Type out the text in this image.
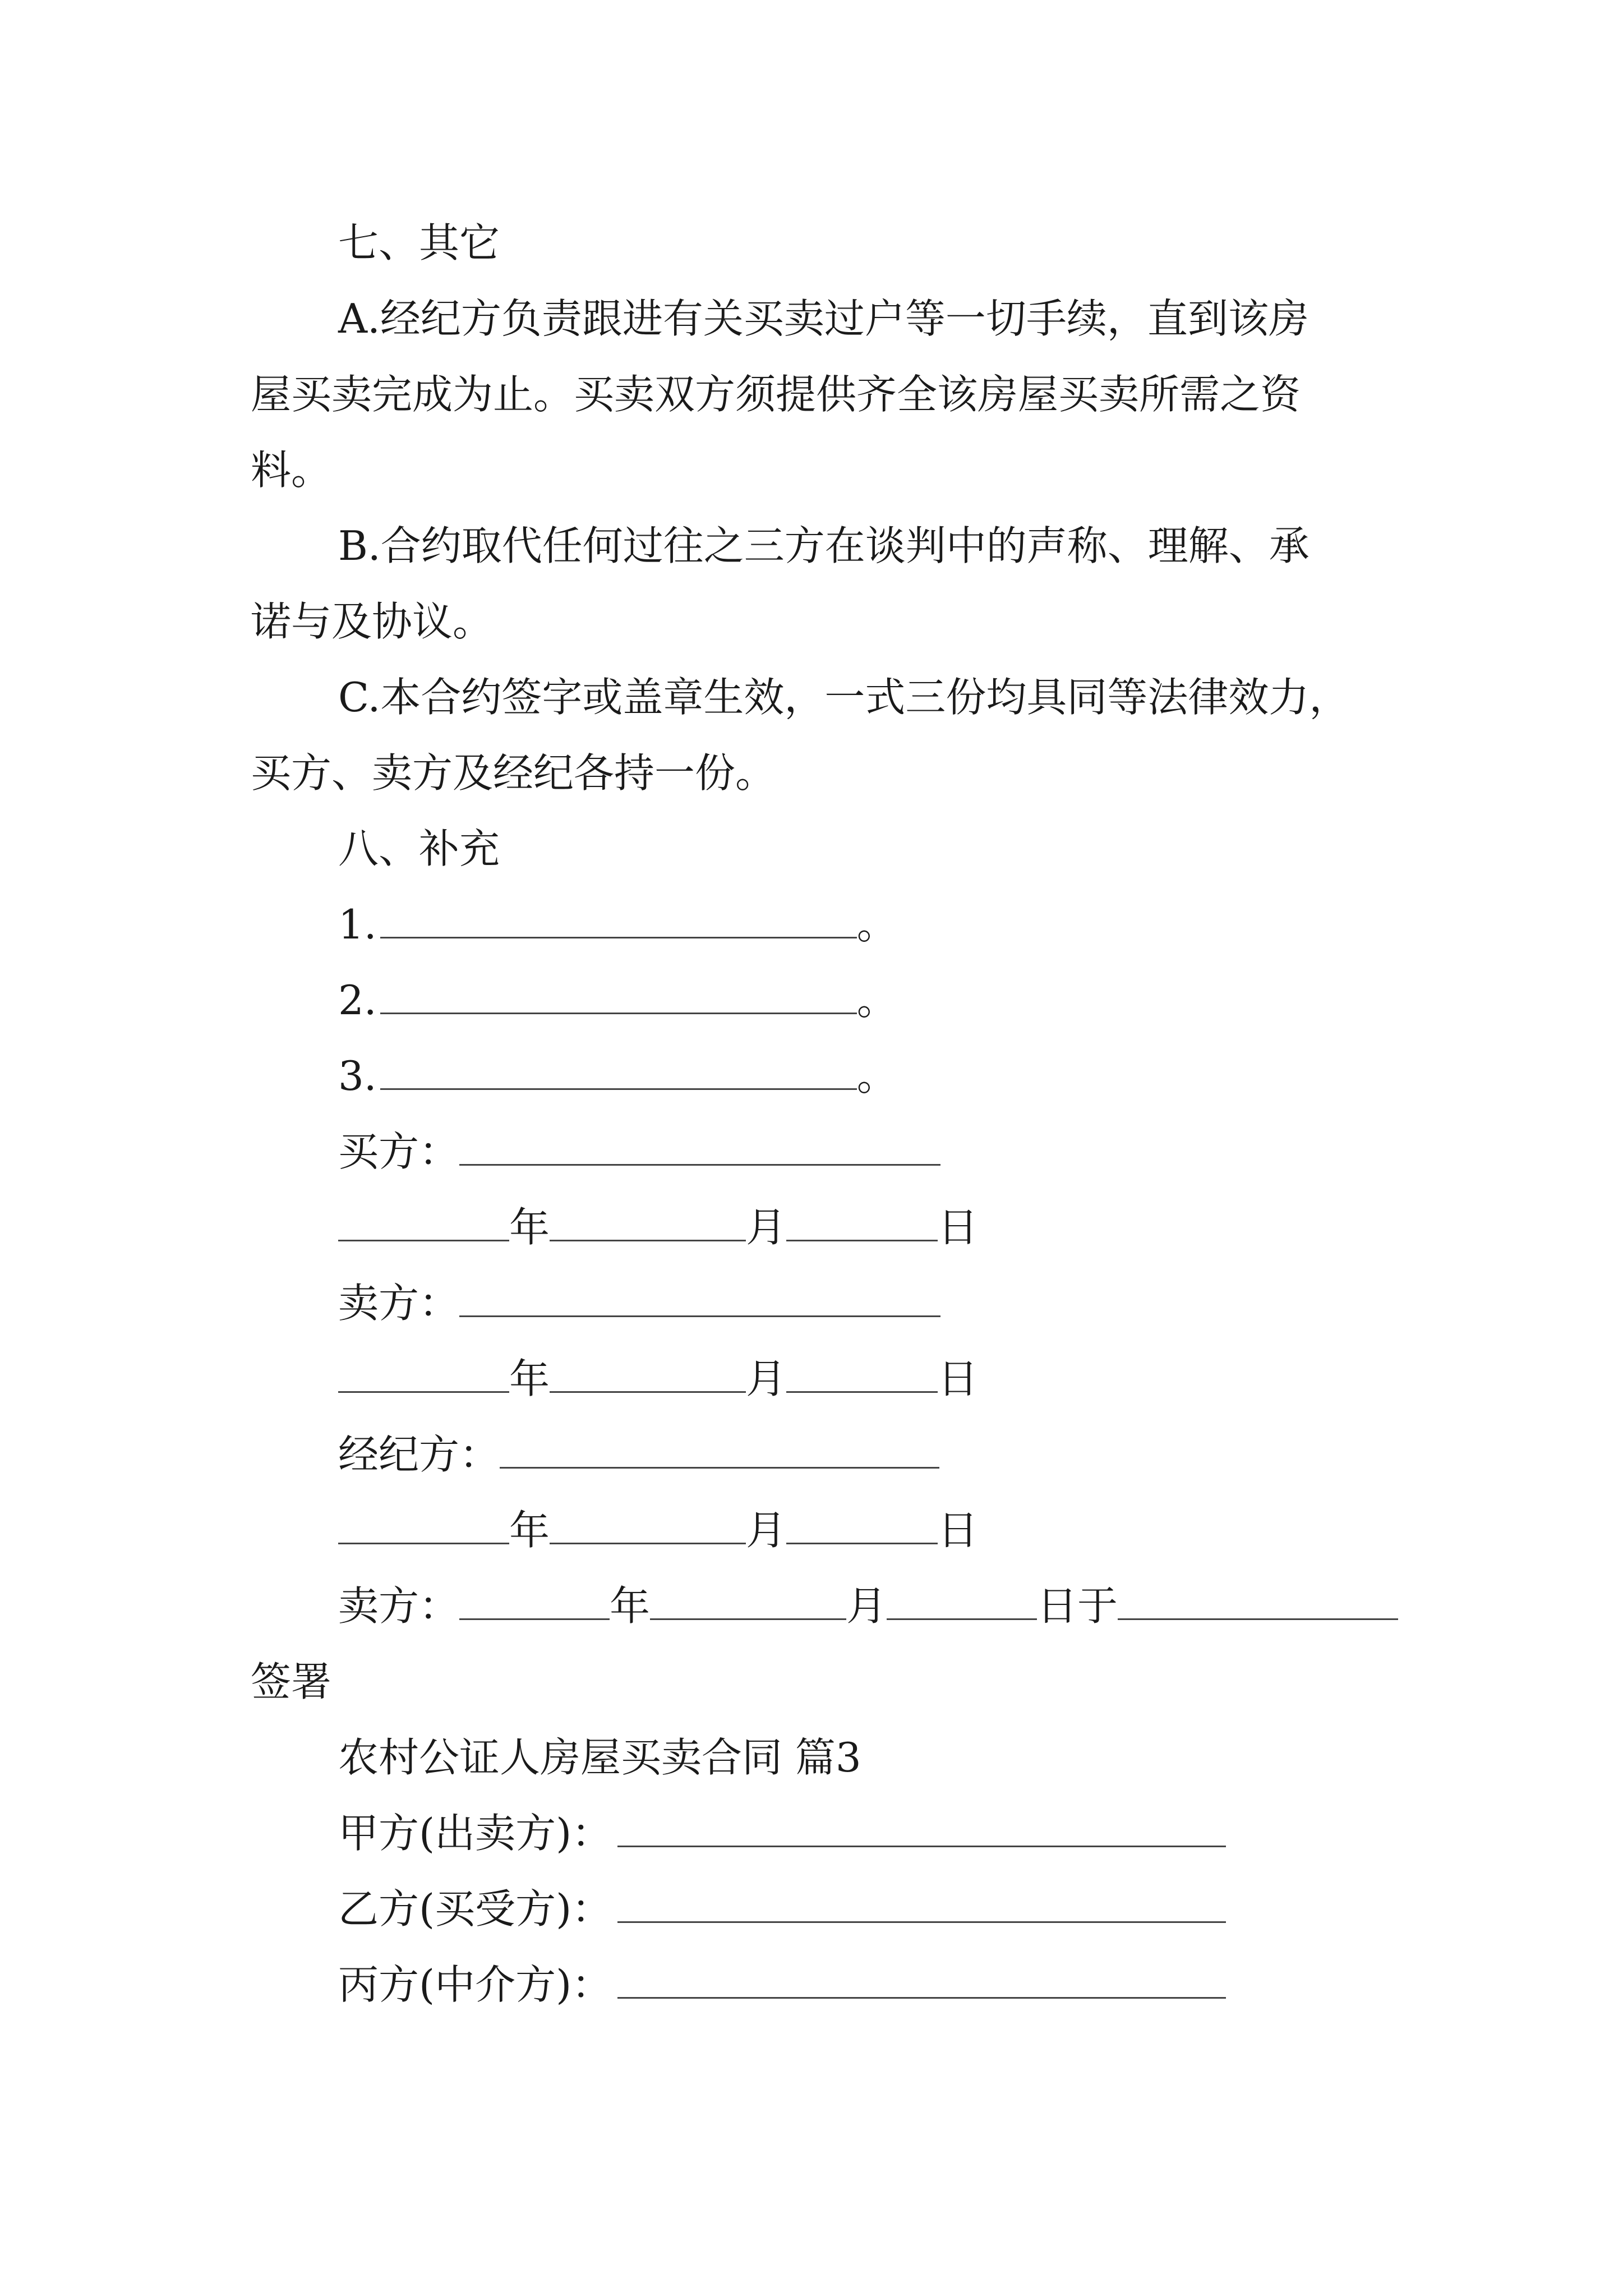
七、其它
A.经纪方负责跟进有关买卖过户等一切手续，直到该房
屋买卖完成为止。买卖双方须提供齐全该房屋买卖所需之资
料。
B.合约取代任何过往之三方在谈判中的声称、理解、承
诺与及协议。
C.本合约签字或盖章生效，一式三份均具同等法律效力，
买方、卖方及经纪各持一份。
八、补充
1.	。
2.	。
3.	。
买方：
年	月	日
卖方：
年	月	日
经纪方：
年	月	日
卖方：	年	月	日于
签署
农村公证人房屋买卖合同 篇3
甲方(出卖方)：
乙方(买受方)：
丙方(中介方)：
